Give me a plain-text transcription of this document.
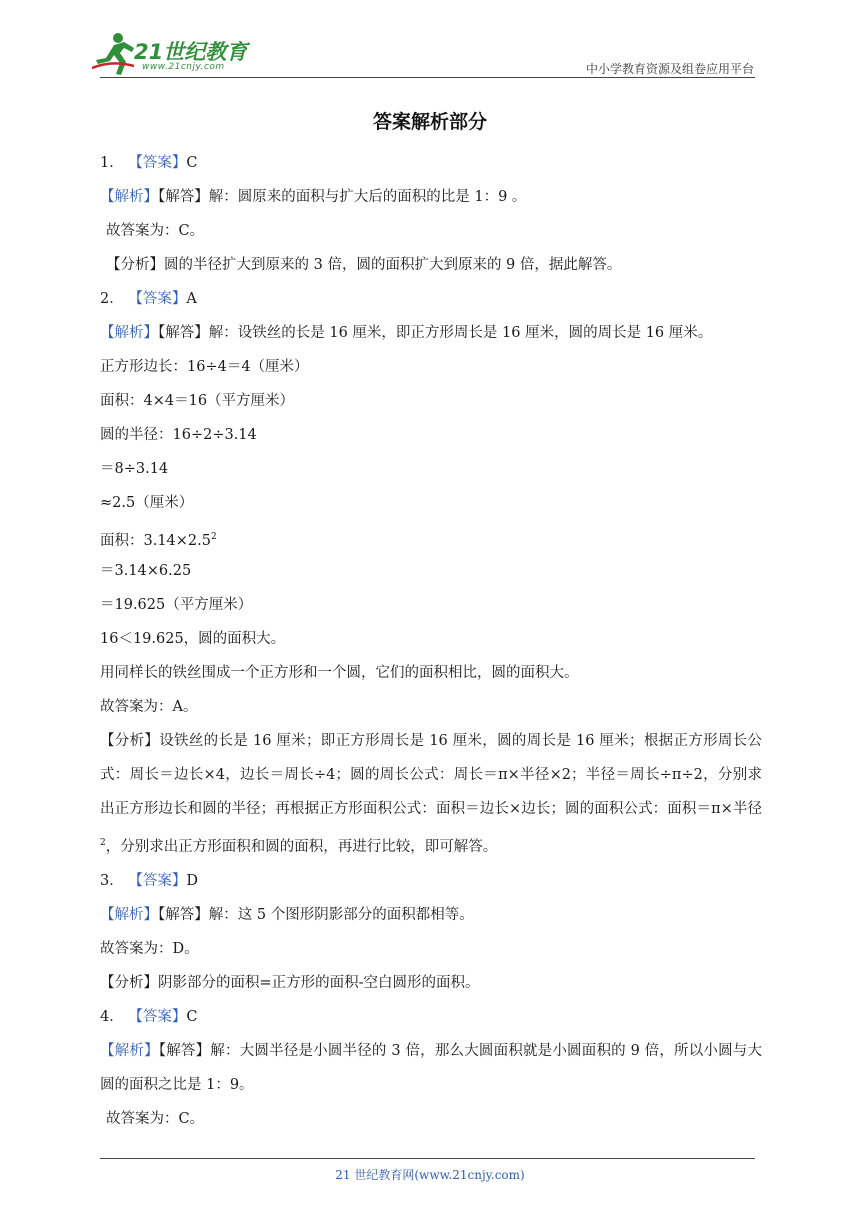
21世纪教育
www.21cnjy.com	中小学教育资源及组卷应用平台
答案解析部分
1． 【答案】C
【解析】【解答】解：圆原来的面积与扩大后的面积的比是 1：9 。
故答案为：C。
【分析】圆的半径扩大到原来的 3 倍，圆的面积扩大到原来的 9 倍，据此解答。
2． 【答案】A
【解析】【解答】解：设铁丝的长是 16 厘米，即正方形周长是 16 厘米，圆的周长是 16 厘米。
正方形边长：16÷4＝4（厘米）
面积：4×4＝16（平方厘米）
圆的半径：16÷2÷3.14
＝8÷3.14
≈2.5（厘米）
面积：$3.14\times 2.5^2$
＝3.14×6.25
＝19.625（平方厘米）
16＜19.625，圆的面积大。
用同样长的铁丝围成一个正方形和一个圆，它们的面积相比，圆的面积大。
故答案为：A。
【分析】设铁丝的长是 16 厘米；即正方形周长是 16 厘米，圆的周长是 16 厘米；根据正方形周长公式：周长＝边长×4，边长＝周长÷4；圆的周长公式：周长＝π×半径×2；半径＝周长÷π÷2，分别求出正方形边长和圆的半径；再根据正方形面积公式：面积＝边长×边长；圆的面积公式：面积＝π×半径$^2$，分别求出正方形面积和圆的面积，再进行比较，即可解答。
3． 【答案】D
【解析】【解答】解：这 5 个图形阴影部分的面积都相等。
故答案为：D。
【分析】阴影部分的面积=正方形的面积-空白圆形的面积。
4． 【答案】C
【解析】【解答】解：大圆半径是小圆半径的 3 倍，那么大圆面积就是小圆面积的 9 倍，所以小圆与大圆的面积之比是 1：9。
故答案为：C。
21 世纪教育网(www.21cnjy.com)
